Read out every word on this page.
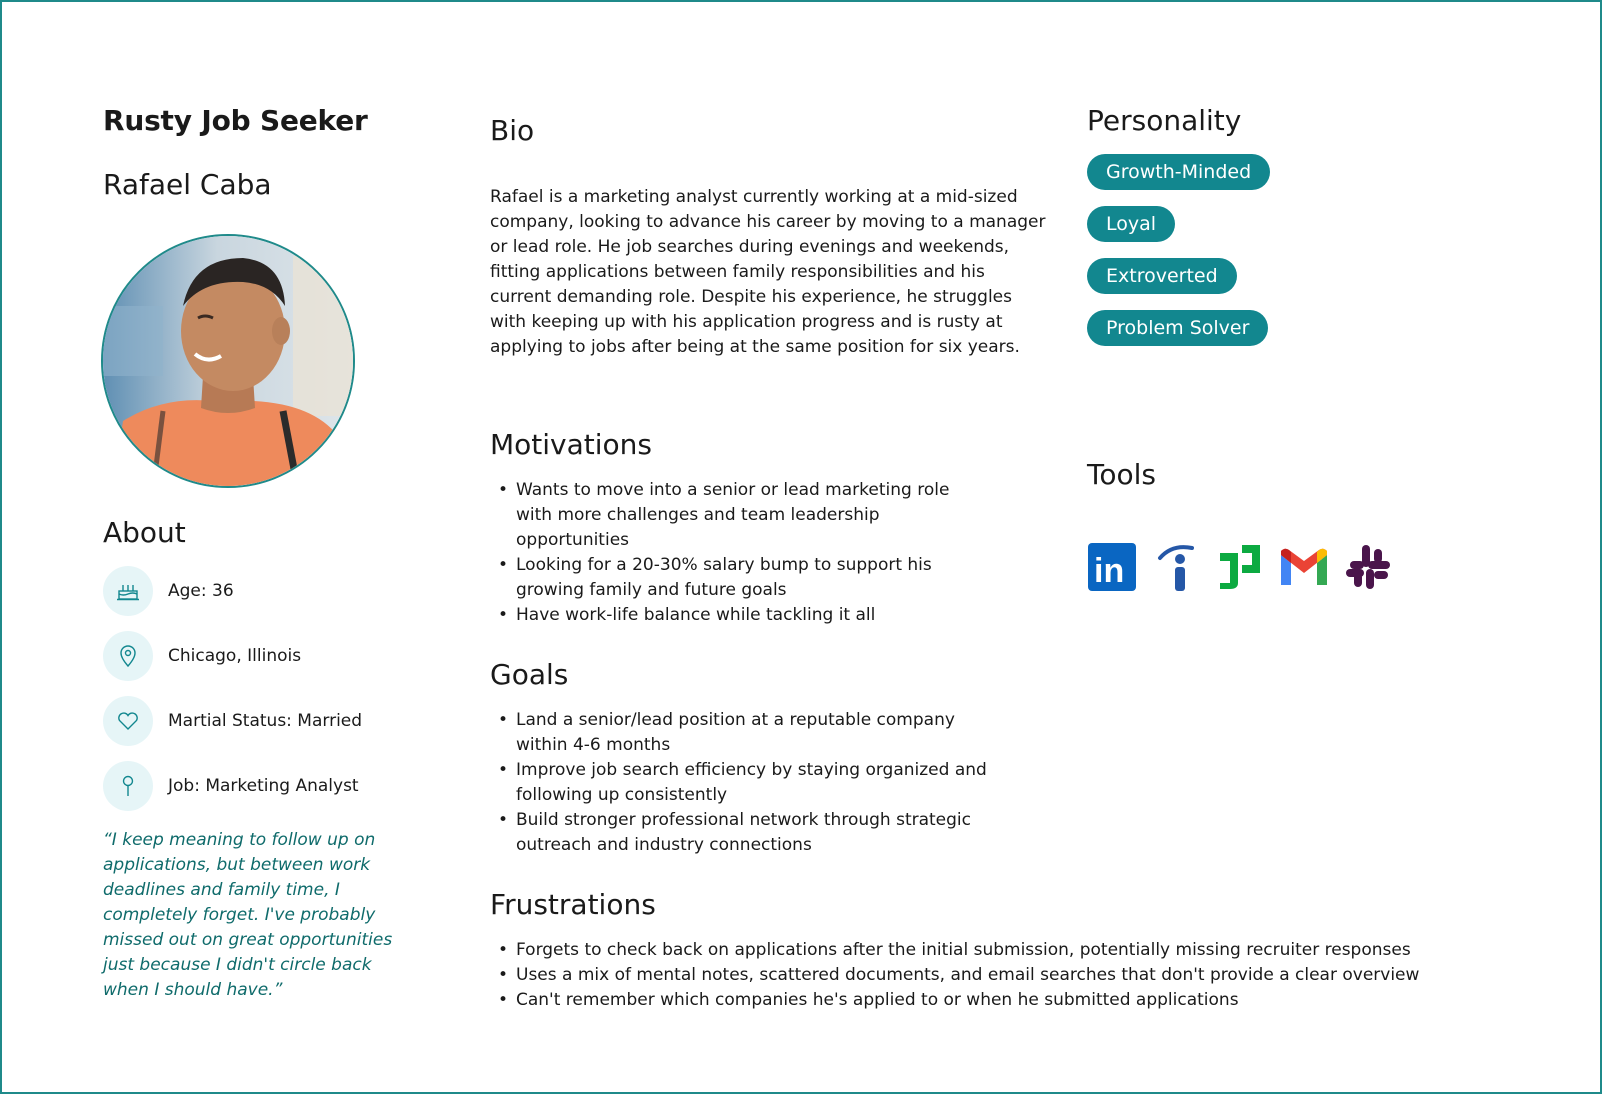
Rusty Job Seeker
Rafael Caba
About
Age: 36
Chicago, Illinois
Martial Status: Married
Job: Marketing Analyst
“I keep meaning to follow up on applications, but between work deadlines and family time, I completely forget. I've probably missed out on great opportunities just because I didn't circle back when I should have.”
Bio
Rafael is a marketing analyst currently working at a mid-sized company, looking to advance his career by moving to a manager or lead role. He job searches during evenings and weekends, fitting applications between family responsibilities and his current demanding role. Despite his experience, he struggles with keeping up with his application progress and is rusty at applying to jobs after being at the same position for six years.
Motivations
• Wants to move into a senior or lead marketing role with more challenges and team leadership opportunities
• Looking for a 20-30% salary bump to support his growing family and future goals
• Have work-life balance while tackling it all
Goals
• Land a senior/lead position at a reputable company within 4-6 months
• Improve job search efficiency by staying organized and following up consistently
• Build stronger professional network through strategic outreach and industry connections
Frustrations
• Forgets to check back on applications after the initial submission, potentially missing recruiter responses
• Uses a mix of mental notes, scattered documents, and email searches that don't provide a clear overview
• Can't remember which companies he's applied to or when he submitted applications
Personality
Growth-Minded
Loyal
Extroverted
Problem Solver
Tools
in
